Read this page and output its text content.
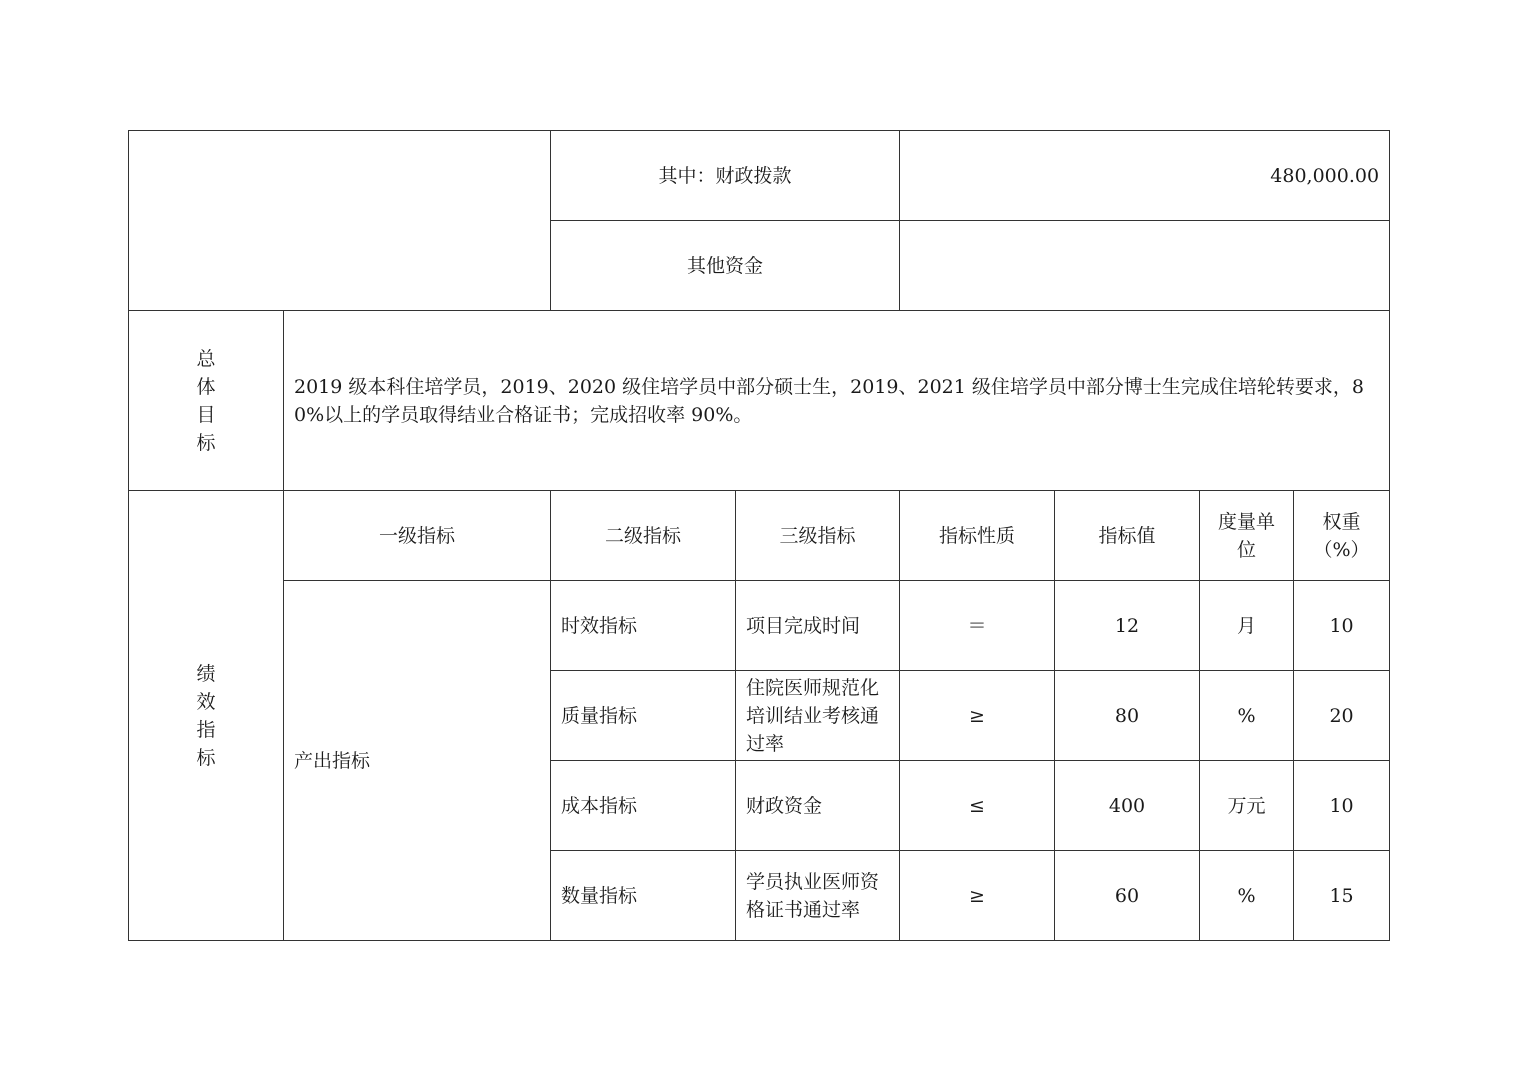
		其中：财政拨款		480,000.00			
		其他资金					

总体目标	2019 级本科住培学员，2019、2020 级住培学员中部分硕士生，2019、2021 级住培学员中部分博士生完成住培轮转要求，80%以上的学员取得结业合格证书；完成招收率 90%。						

绩效指标	一级指标	二级指标	三级指标	指标性质	指标值	度量单位	权重（%）
	产出指标	时效指标	项目完成时间	＝	12	月	10
		质量指标	住院医师规范化培训结业考核通过率	≥	80	%	20
		成本指标	财政资金	≤	400	万元	10
		数量指标	学员执业医师资格证书通过率	≥	60	%	15
